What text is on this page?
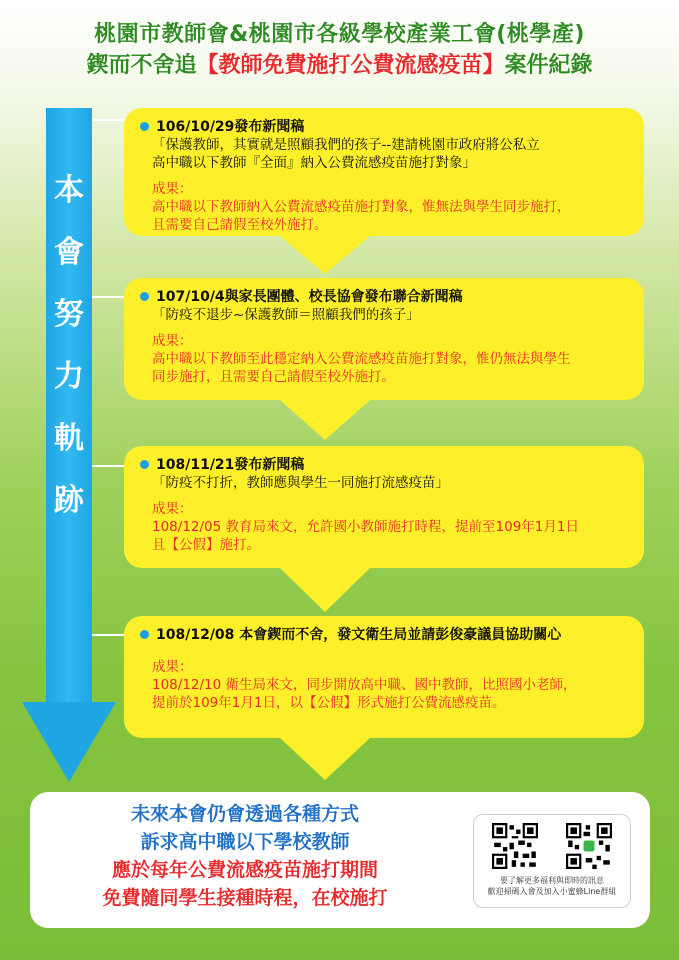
桃園市教師會&桃園市各級學校產業工會(桃學產)
鍥而不舍追【教師免費施打公費流感疫苗】案件紀錄
本
會
努
力
軌
跡
106/10/29發布新聞稿
「保護教師，其實就是照顧我們的孩子--建請桃園市政府將公私立
高中職以下教師『全面』納入公費流感疫苗施打對象」
成果：
高中職以下教師納入公費流感疫苗施打對象，惟無法與學生同步施打，
且需要自己請假至校外施打。
107/10/4與家長團體、校長協會發布聯合新聞稿
「防疫不退步~保護教師＝照顧我們的孩子」
成果：
高中職以下教師至此穩定納入公費流感疫苗施打對象，惟仍無法與學生
同步施打，且需要自己請假至校外施打。
108/11/21發布新聞稿
「防疫不打折，教師應與學生一同施打流感疫苗」
成果：
108/12/05 教育局來文，允許國小教師施打時程，提前至109年1月1日
且【公假】施打。
108/12/08 本會鍥而不舍，發文衛生局並請彭俊豪議員協助關心
成果：
108/12/10 衛生局來文，同步開放高中職、國中教師，比照國小老師，
提前於109年1月1日，以【公假】形式施打公費流感疫苗。
未來本會仍會透過各種方式
訴求高中職以下學校教師
應於每年公費流感疫苗施打期間
免費隨同學生接種時程，在校施打
要了解更多福利與即時的訊息
歡迎掃碼入會及加入小蜜蜂Line群組
